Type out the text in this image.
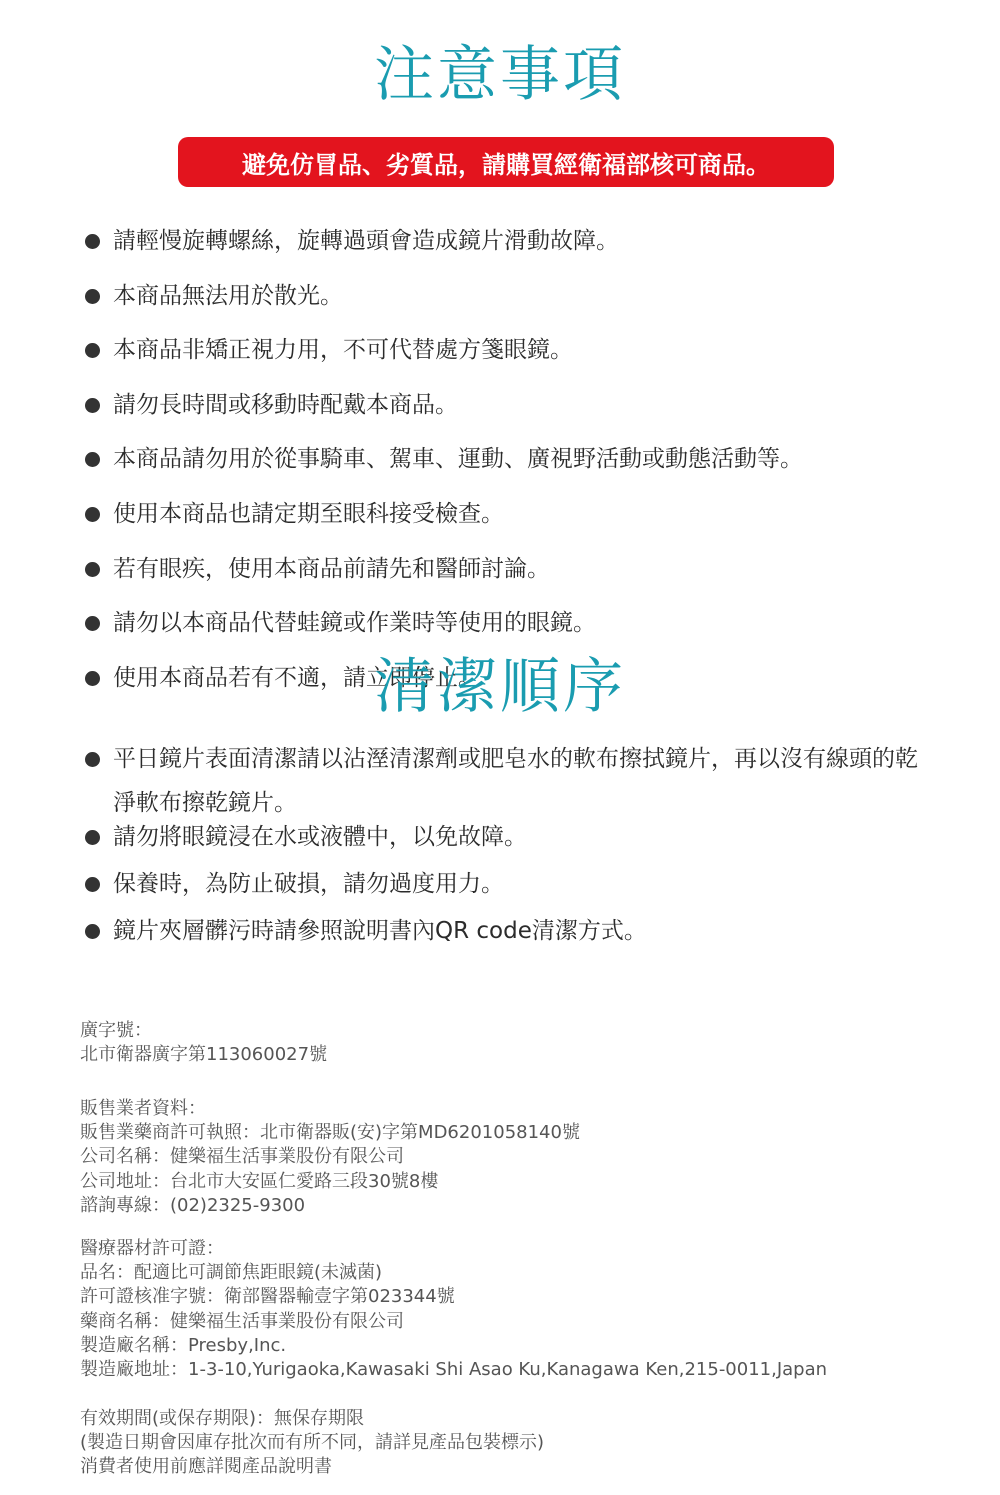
注意事項
避免仿冒品、劣質品，請購買經衛福部核可商品。
請輕慢旋轉螺絲，旋轉過頭會造成鏡片滑動故障。
本商品無法用於散光。
本商品非矯正視力用，不可代替處方箋眼鏡。
請勿長時間或移動時配戴本商品。
本商品請勿用於從事騎車、駕車、運動、廣視野活動或動態活動等。
使用本商品也請定期至眼科接受檢查。
若有眼疾，使用本商品前請先和醫師討論。
請勿以本商品代替蛙鏡或作業時等使用的眼鏡。
使用本商品若有不適，請立即停止。
清潔順序
平日鏡片表面清潔請以沾溼清潔劑或肥皂水的軟布擦拭鏡片，再以沒有線頭的乾淨軟布擦乾鏡片。
請勿將眼鏡浸在水或液體中，以免故障。
保養時，為防止破損，請勿過度用力。
鏡片夾層髒污時請參照說明書內QR code清潔方式。
廣字號：
北市衛器廣字第113060027號
販售業者資料：
販售業藥商許可執照：北市衛器販(安)字第MD6201058140號
公司名稱：健樂福生活事業股份有限公司
公司地址：台北市大安區仁愛路三段30號8樓
諮詢專線：(02)2325-9300
醫療器材許可證：
品名：配適比可調節焦距眼鏡(未滅菌)
許可證核准字號：衛部醫器輸壹字第023344號
藥商名稱：健樂福生活事業股份有限公司
製造廠名稱：Presby,Inc.
製造廠地址：1-3-10,Yurigaoka,Kawasaki Shi Asao Ku,Kanagawa Ken,215-0011,Japan
有效期間(或保存期限)：無保存期限
(製造日期會因庫存批次而有所不同，請詳見產品包裝標示)
消費者使用前應詳閱產品說明書
